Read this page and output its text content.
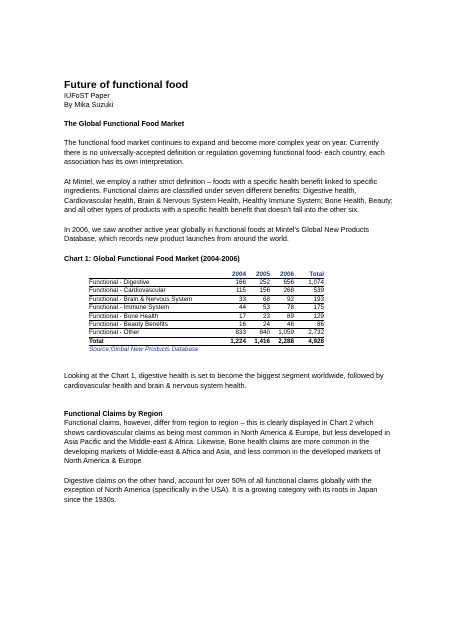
Future of functional food

IUFoST Paper

By Mika Suzuki

The Global Functional Food Market

The functional food market continues to expand and become more complex year on year. Currently there is no universally-accepted definition or regulation governing functional food- each country, each association has its own interpretation.

At Mintel, we employ a rather strict definition – foods with a specific health benefit linked to specific ingredients. Functional claims are classified under seven different benefits: Digestive health, Cardiovascular health, Brain & Nervous System Health, Healthy Immune System; Bone Health, Beauty; and all other types of products with a specific health benefit that doesn't fall into the other six.

In 2006, we saw another active year globally in functional foods at Mintel's Global New Products Database, which records new product launches from around the world.

Chart 1: Global Functional Food Market (2004-2006)

	2004	2005	2006	Total
Functional - Digestive	166	252	656	1,074
Functional - Cardiovascular	115	156	268	539
Functional - Brain & Nervous System	33	68	92	193
Functional - Immune System	44	53	78	175
Functional - Bone Health	17	23	89	129
Functional - Beauty Benefits	16	24	46	86
Functional - Other	833	840	1,059	2,732
Total	1,224	1,416	2,288	4,928
Source:Global New Products Database

Looking at the Chart 1, digestive health is set to become the biggest segment worldwide, followed by cardiovascular health and brain & nervous system health.

Functional Claims by Region

Functional claims, however, differ from region to region – this is clearly displayed in Chart 2 which shows cardiovascular claims as being most common in North America & Europe, but less developed in Asia Pacific and the Middle-east & Africa. Likewise, Bone health claims are more common in the developing markets of Middle-east & Africa and Asia, and less common in the developed markets of North America & Europe

Digestive claims on the other hand, account for over 50% of all functional claims globally with the exception of North America (specifically in the USA). It is a growing category with its roots in Japan since the 1930s.
